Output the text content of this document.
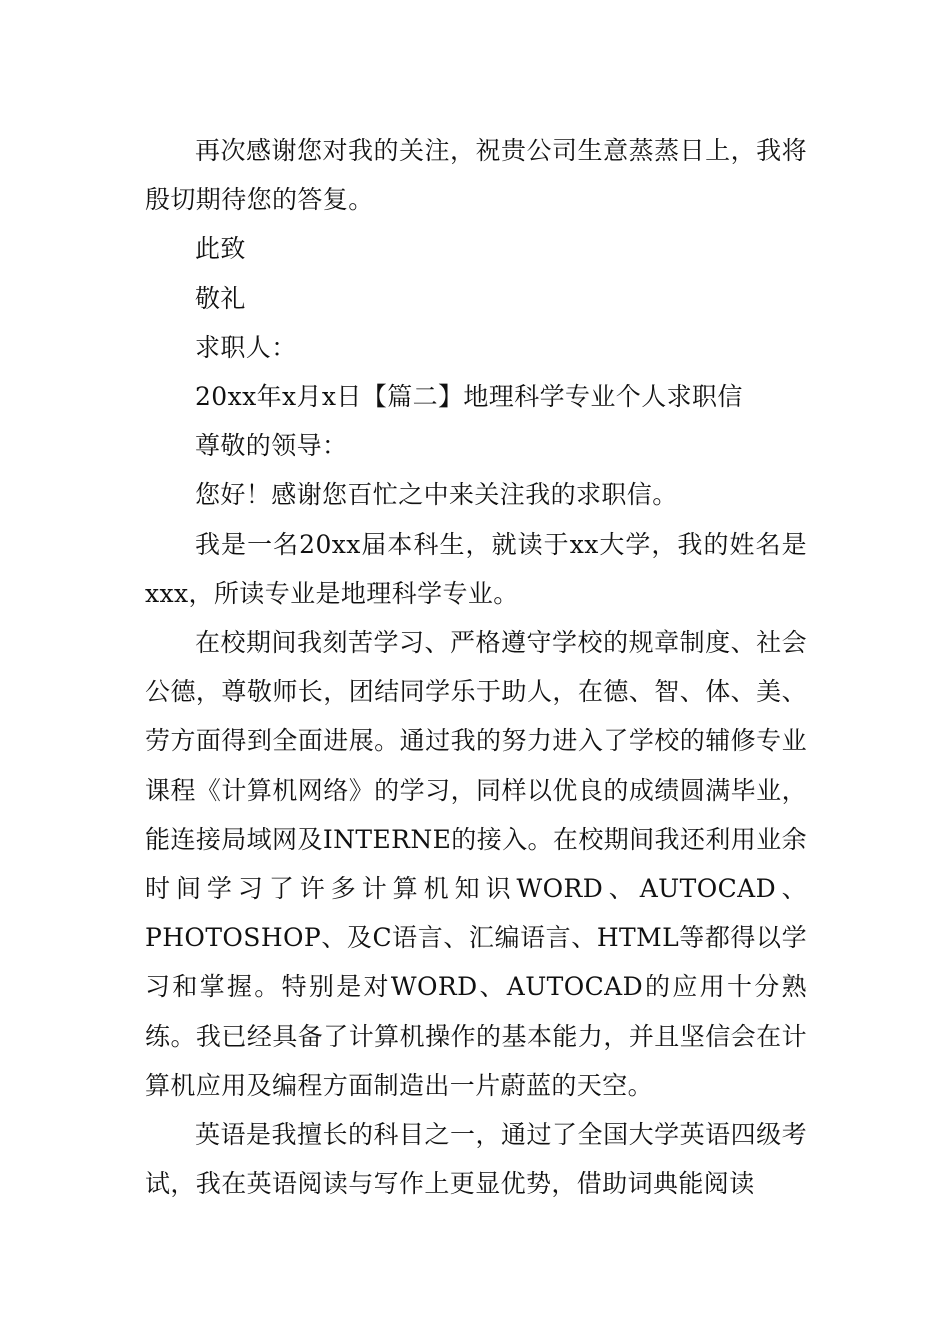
再次感谢您对我的关注，祝贵公司生意蒸蒸日上，我将殷切期待您的答复。

此致

敬礼

求职人：

20xx年x月x日【篇二】地理科学专业个人求职信

尊敬的领导：

您好！感谢您百忙之中来关注我的求职信。

我是一名20xx届本科生，就读于xx大学，我的姓名是xxx，所读专业是地理科学专业。

在校期间我刻苦学习、严格遵守学校的规章制度、社会公德，尊敬师长，团结同学乐于助人，在德、智、体、美、劳方面得到全面进展。通过我的努力进入了学校的辅修专业课程《计算机网络》的学习，同样以优良的成绩圆满毕业，能连接局域网及INTERNE的接入。在校期间我还利用业余时间学习了许多计算机知识WORD、AUTOCAD、PHOTOSHOP、及C语言、汇编语言、HTML等都得以学习和掌握。特别是对WORD、AUTOCAD的应用十分熟练。我已经具备了计算机操作的基本能力，并且坚信会在计算机应用及编程方面制造出一片蔚蓝的天空。

英语是我擅长的科目之一，通过了全国大学英语四级考试，我在英语阅读与写作上更显优势，借助词典能阅读
